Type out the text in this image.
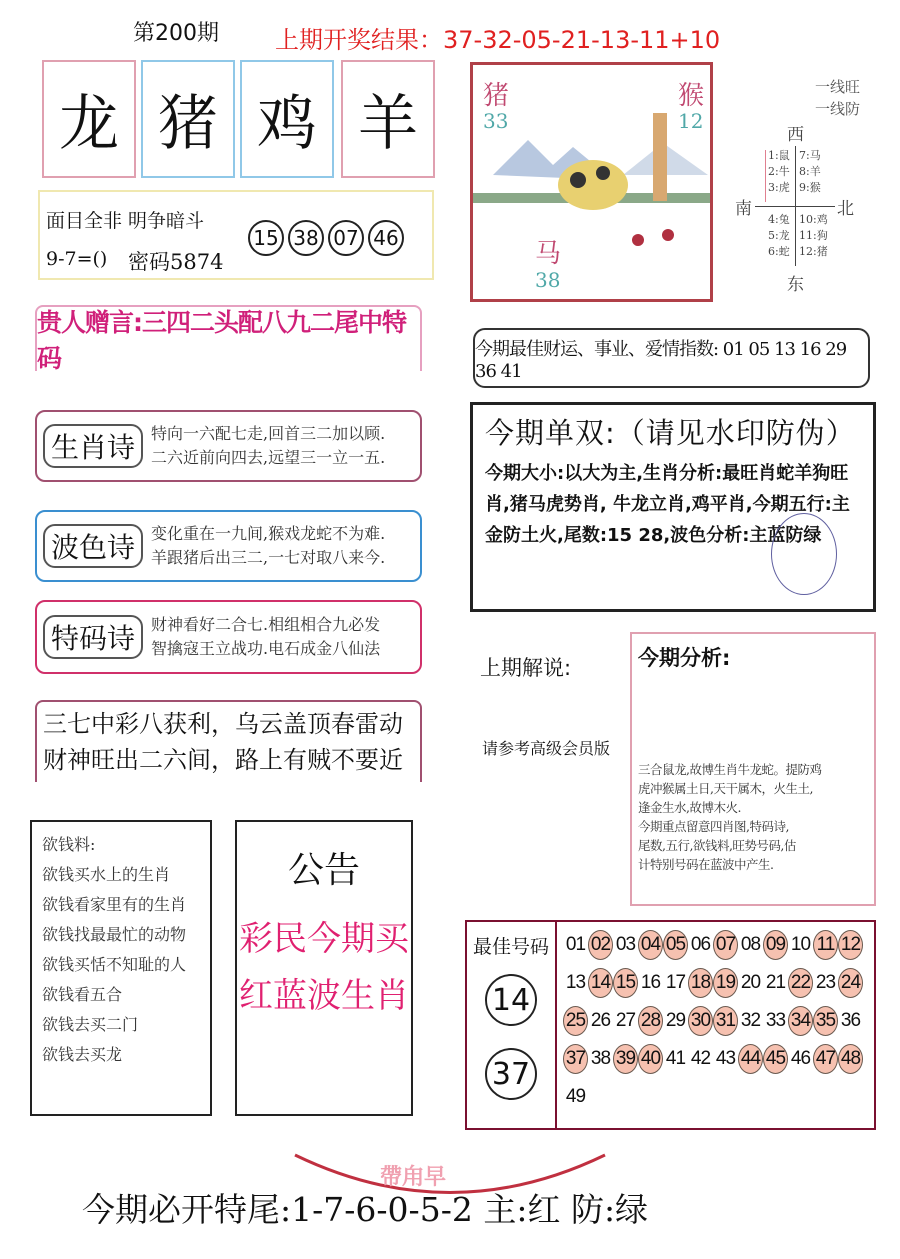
第200期 上期开奖结果：37-32-05-21-13-11+10
龙 猪 鸡 羊
面目全非 明争暗斗
9-7=() 密码5874
15 38 07 46
贵人赠言:三四二头配八九二尾中特码
生肖诗	特向一六配七走,回首三二加以顾.
二六近前向四去,远望三一立一五.
波色诗	变化重在一九间,猴戏龙蛇不为难.
羊跟猪后出三二,一七对取八来今.
特码诗	财神看好二合七.相组相合九必发
智擒寇王立战功.电石成金八仙法
三七中彩八获利，乌云盖顶春雷动
财神旺出二六间，路上有贼不要近
欲钱料:
欲钱买水上的生肖
欲钱看家里有的生肖
欲钱找最最忙的动物
欲钱买恬不知耻的人
欲钱看五合
欲钱去买二门
欲钱去买龙
公告
彩民今期买
红蓝波生肖
猪
33
猴
12
马
38
一线旺
一线防
西
南	北
东
1:鼠
2:牛
3:虎
7:马
8:羊
9:猴
4:兔
5:龙
6:蛇
10:鸡
11:狗
12:猪
今期最佳财运、事业、爱情指数: 01 05 13 16 29 36 41
今期单双:（请见水印防伪）
今期大小:以大为主,生肖分析:最旺肖蛇羊狗旺肖,猪马虎势肖, 牛龙立肖,鸡平肖,今期五行:主金防土火,尾数:15 28,波色分析:主蓝防绿
上期解说:
请参考高级会员版
今期分析:
三合鼠龙,故博生肖牛龙蛇。提防鸡
虎冲猴属土日,天干属木，火生土,
逢金生水,故博木火.
今期重点留意四肖图,特码诗,
尾数,五行,欲钱料,旺势号码,估
计特别号码在蓝波中产生.
最佳号码
14
37
01 02 03 04 05 06 07 08 09 10 11 12
13 14 15 16 17 18 19 20 21 22 23 24
25 26 27 28 29 30 31 32 33 34 35 36
37 38 39 40 41 42 43 44 45 46 47 48
49
帶甪早
今期必开特尾:1-7-6-0-5-2 主:红 防:绿
